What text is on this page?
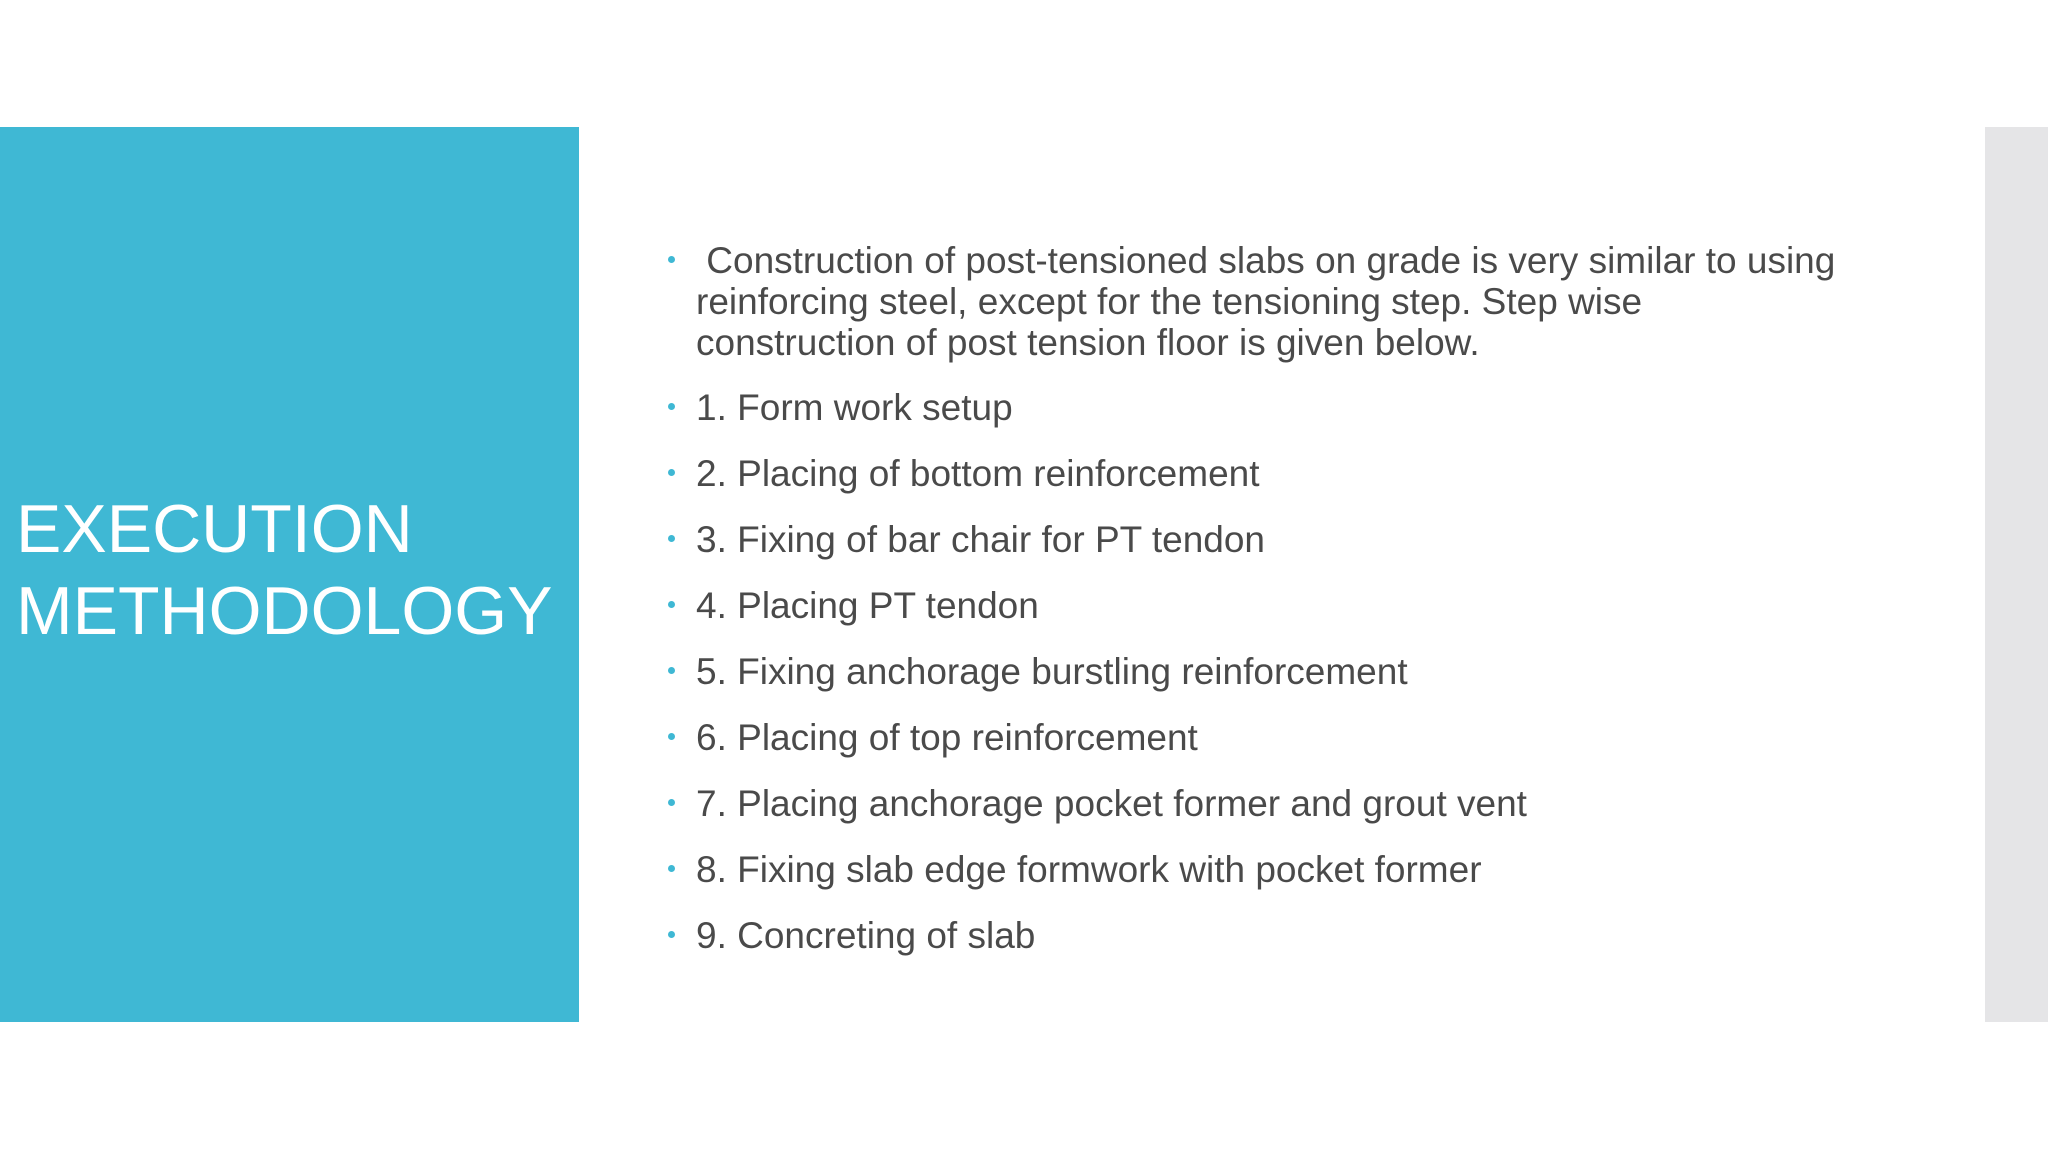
EXECUTION
METHODOLOGY
Construction of post-tensioned slabs on grade is very similar to using reinforcing steel, except for the tensioning step. Step wise construction of post tension floor is given below.
1. Form work setup
2. Placing of bottom reinforcement
3. Fixing of bar chair for PT tendon
4. Placing PT tendon
5. Fixing anchorage burstling reinforcement
6. Placing of top reinforcement
7. Placing anchorage pocket former and grout vent
8. Fixing slab edge formwork with pocket former
9. Concreting of slab
